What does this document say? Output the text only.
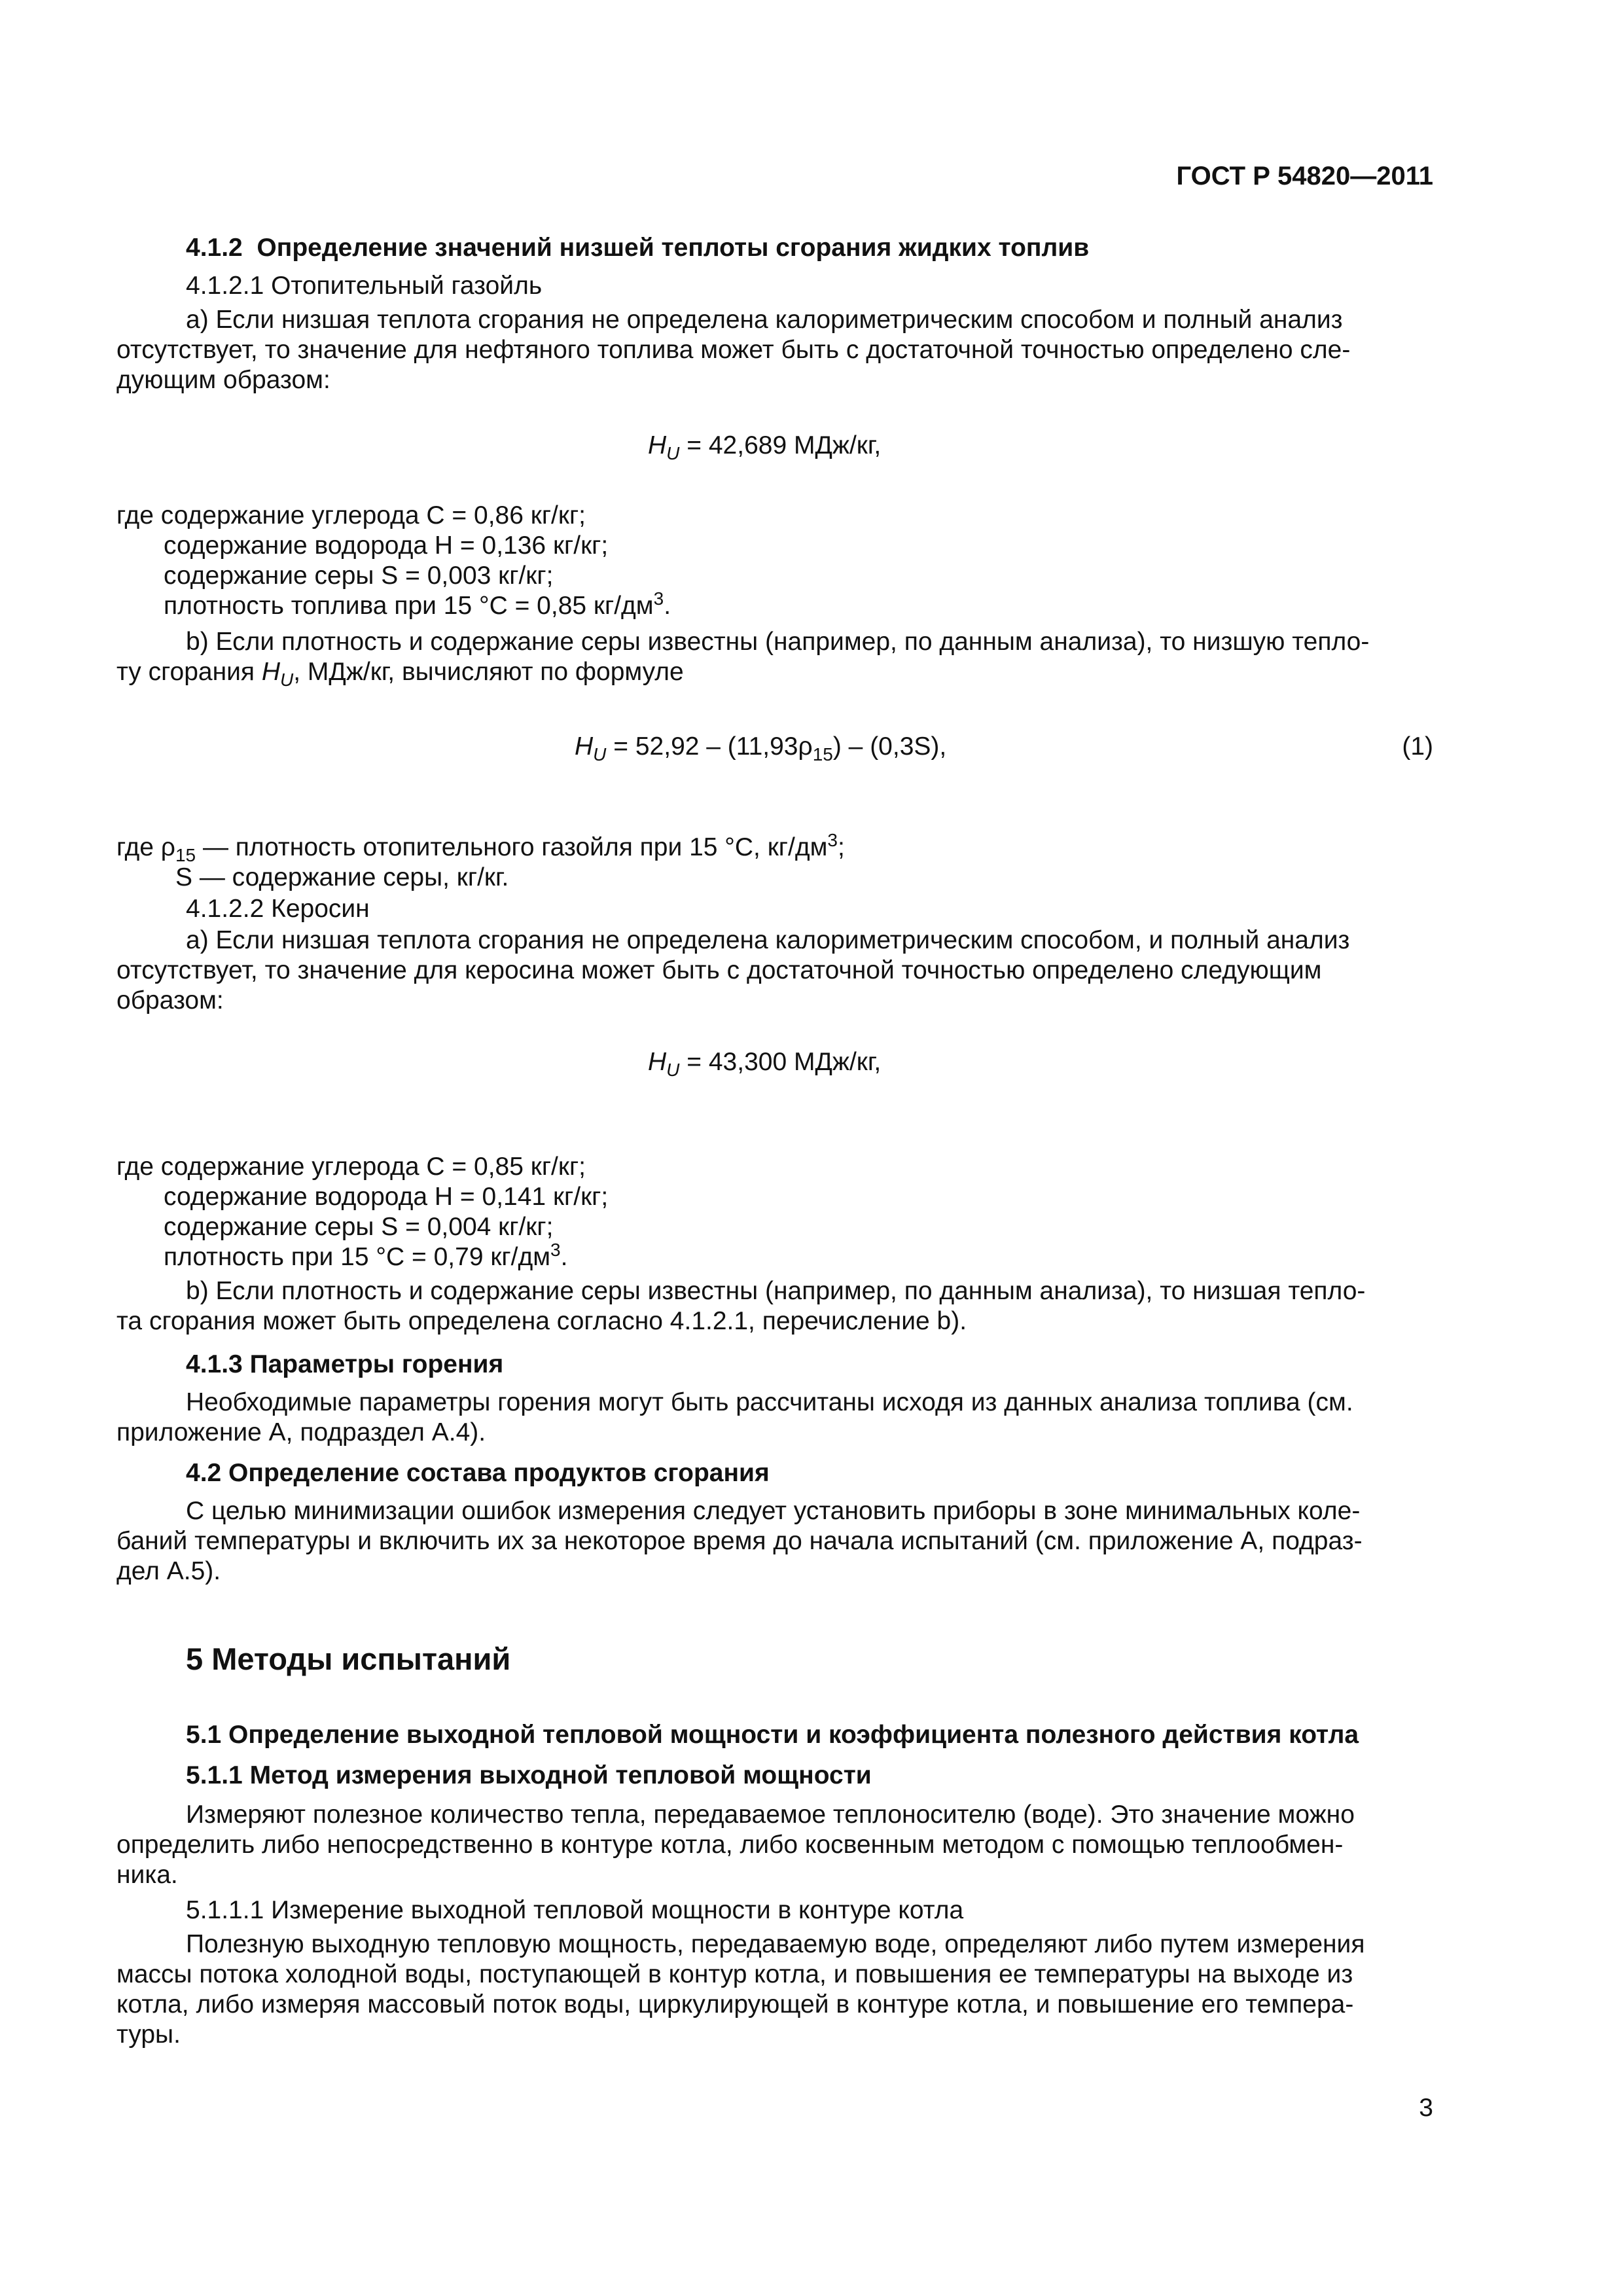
ГОСТ Р 54820—2011
4.1.2 Определение значений низшей теплоты сгорания жидких топлив
4.1.2.1 Отопительный газойль
a) Если низшая теплота сгорания не определена калориметрическим способом и полный анализ
отсутствует, то значение для нефтяного топлива может быть с достаточной точностью определено сле-
дующим образом:
$H_U = 42,689$ МДж/кг,
где содержание углерода C = 0,86 кг/кг;
содержание водорода H = 0,136 кг/кг;
содержание серы S = 0,003 кг/кг;
плотность топлива при 15 °C = 0,85 $кг/дм^3$.
b) Если плотность и содержание серы известны (например, по данным анализа), то низшую тепло-
ту сгорания $H_U$, МДж/кг, вычисляют по формуле
$H_U = 52,92 - (11,93\rho_{15}) - (0,3S)$,	(1)
где $\rho_{15}$ — плотность отопительного газойля при 15 °C, $кг/дм^3$;
S — содержание серы, кг/кг.
4.1.2.2 Керосин
a) Если низшая теплота сгорания не определена калориметрическим способом, и полный анализ
отсутствует, то значение для керосина может быть с достаточной точностью определено следующим
образом:
$H_U = 43,300$ МДж/кг,
где содержание углерода C = 0,85 кг/кг;
содержание водорода H = 0,141 кг/кг;
содержание серы S = 0,004 кг/кг;
плотность при 15 °C = 0,79 $кг/дм^3$.
b) Если плотность и содержание серы известны (например, по данным анализа), то низшая тепло-
та сгорания может быть определена согласно 4.1.2.1, перечисление b).
4.1.3 Параметры горения
Необходимые параметры горения могут быть рассчитаны исходя из данных анализа топлива (см.
приложение А, подраздел А.4).
4.2 Определение состава продуктов сгорания
С целью минимизации ошибок измерения следует установить приборы в зоне минимальных коле-
баний температуры и включить их за некоторое время до начала испытаний (см. приложение А, подраз-
дел А.5).
5 Методы испытаний
5.1 Определение выходной тепловой мощности и коэффициента полезного действия котла
5.1.1 Метод измерения выходной тепловой мощности
Измеряют полезное количество тепла, передаваемое теплоносителю (воде). Это значение можно
определить либо непосредственно в контуре котла, либо косвенным методом с помощью теплообмен-
ника.
5.1.1.1 Измерение выходной тепловой мощности в контуре котла
Полезную выходную тепловую мощность, передаваемую воде, определяют либо путем измерения
массы потока холодной воды, поступающей в контур котла, и повышения ее температуры на выходе из
котла, либо измеряя массовый поток воды, циркулирующей в контуре котла, и повышение его темпера-
туры.
3
